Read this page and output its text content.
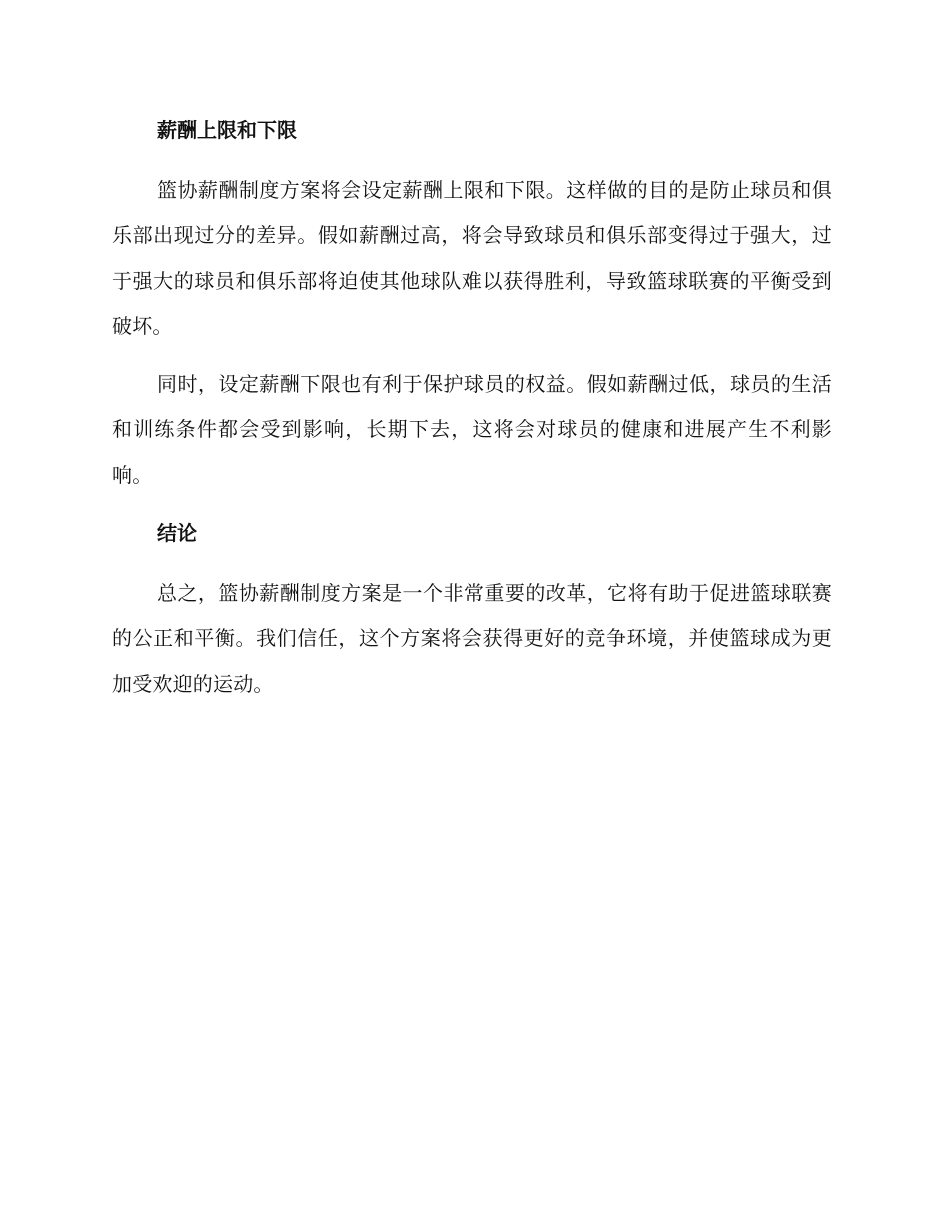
薪酬上限和下限

篮协薪酬制度方案将会设定薪酬上限和下限。这样做的目的是防止球员和俱乐部出现过分的差异。假如薪酬过高，将会导致球员和俱乐部变得过于强大，过于强大的球员和俱乐部将迫使其他球队难以获得胜利，导致篮球联赛的平衡受到破坏。

同时，设定薪酬下限也有利于保护球员的权益。假如薪酬过低，球员的生活和训练条件都会受到影响，长期下去，这将会对球员的健康和进展产生不利影响。

结论

总之，篮协薪酬制度方案是一个非常重要的改革，它将有助于促进篮球联赛的公正和平衡。我们信任，这个方案将会获得更好的竞争环境，并使篮球成为更加受欢迎的运动。
